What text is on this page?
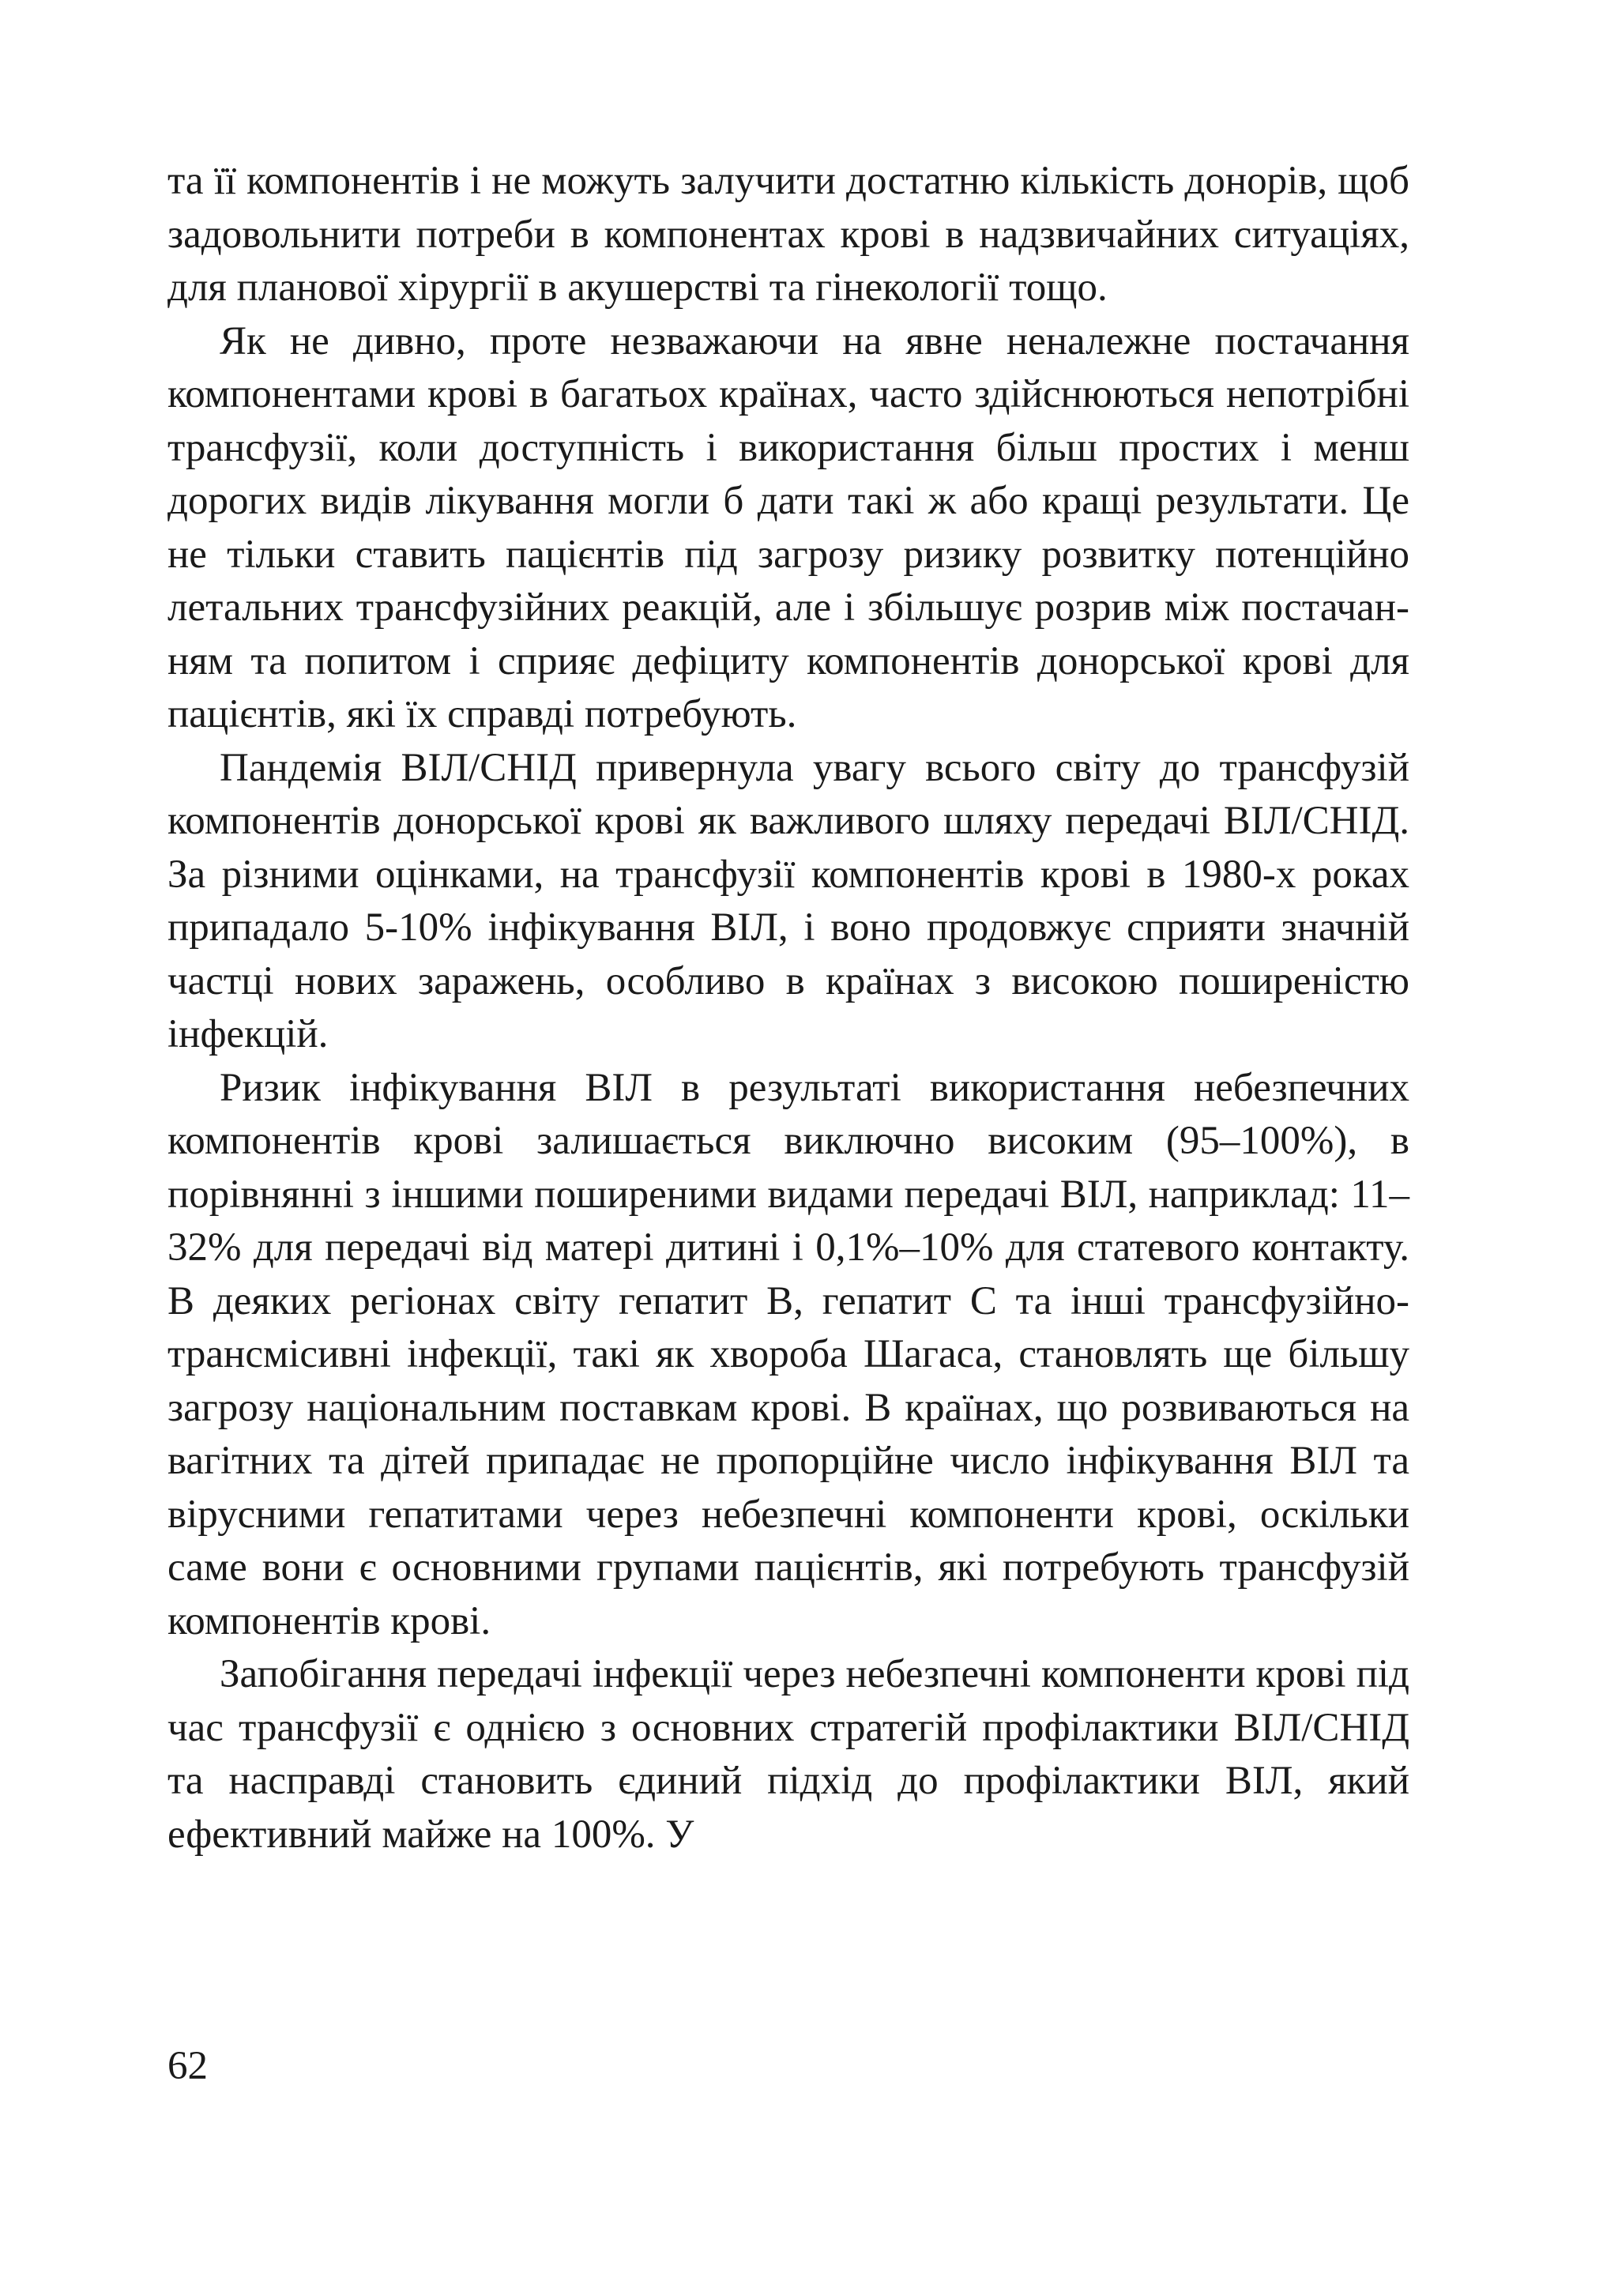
та її компонентів і не можуть залучити достатню кількість донорів, щоб задовольнити потреби в компонентах крові в надзвичайних ситуаціях, для планової хірургії в акушерстві та гінекології тощо.

Як не дивно, проте незважаючи на явне неналежне постачання компонентами крові в багатьох країнах, часто здійснюються непотрібні трансфузії, коли доступність і використання більш простих і менш дорогих видів лікування могли б дати такі ж або кращі результати. Це не тільки ставить пацієнтів під загрозу ризику розвитку потенційно летальних трансфузійних реакцій, але і збільшує розрив між постачанням та попитом і сприяє дефіциту компонентів донорської крові для пацієнтів, які їх справді потребують.

Пандемія ВІЛ/СНІД привернула увагу всього світу до трансфузій компонентів донорської крові як важливого шляху передачі ВІЛ/СНІД. За різними оцінками, на трансфузії компонентів крові в 1980-х роках припадало 5-10% інфікування ВІЛ, і воно продовжує сприяти значній частці нових заражень, особливо в країнах з високою поширеністю інфекцій.

Ризик інфікування ВІЛ в результаті використання небезпечних компонентів крові залишається виключно високим (95–100%), в порівнянні з іншими поширеними видами передачі ВІЛ, наприклад: 11–32% для передачі від матері дитині і 0,1%–10% для статевого контакту. В деяких регіонах світу гепатит В, гепатит С та інші трансфузійно-трансмісивні інфекції, такі як хвороба Шагаса, становлять ще більшу загрозу національним поставкам крові. В країнах, що розвиваються на вагітних та дітей припадає не пропорційне число інфікування ВІЛ та вірусними гепатитами через небезпечні компоненти крові, оскільки саме вони є основними групами пацієнтів, які потребують трансфузій компонентів крові.

Запобігання передачі інфекції через небезпечні компоненти крові під час трансфузії є однією з основних стратегій профілактики ВІЛ/СНІД та насправді становить єдиний підхід до профілактики ВІЛ, який ефективний майже на 100%. У

62
